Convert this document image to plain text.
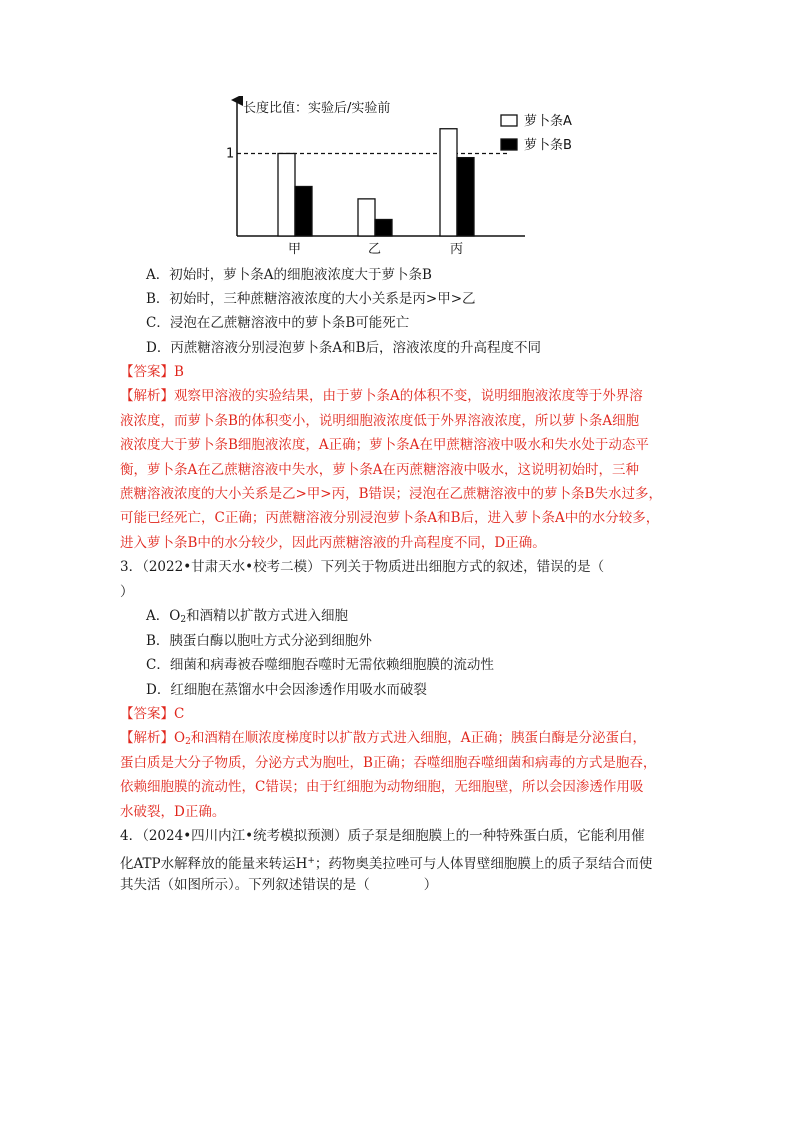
长度比值：实验后/实验前
1
甲	乙	丙
萝卜条A
萝卜条B
A．初始时，萝卜条A的细胞液浓度大于萝卜条B
B．初始时，三种蔗糖溶液浓度的大小关系是丙>甲>乙
C．浸泡在乙蔗糖溶液中的萝卜条B可能死亡
D．丙蔗糖溶液分别浸泡萝卜条A和B后，溶液浓度的升高程度不同
【答案】B
【解析】观察甲溶液的实验结果，由于萝卜条A的体积不变，说明细胞液浓度等于外界溶
液浓度，而萝卜条B的体积变小，说明细胞液浓度低于外界溶液浓度，所以萝卜条A细胞
液浓度大于萝卜条B细胞液浓度，A正确；萝卜条A在甲蔗糖溶液中吸水和失水处于动态平
衡，萝卜条A在乙蔗糖溶液中失水，萝卜条A在丙蔗糖溶液中吸水，这说明初始时，三种
蔗糖溶液浓度的大小关系是乙>甲>丙，B错误；浸泡在乙蔗糖溶液中的萝卜条B失水过多，
可能已经死亡，C正确；丙蔗糖溶液分别浸泡萝卜条A和B后，进入萝卜条A中的水分较多，
进入萝卜条B中的水分较少，因此丙蔗糖溶液的升高程度不同，D正确。
3．（2022•甘肃天水•校考二模）下列关于物质进出细胞方式的叙述，错误的是（
）
A．$O_2$和酒精以扩散方式进入细胞
B．胰蛋白酶以胞吐方式分泌到细胞外
C．细菌和病毒被吞噬细胞吞噬时无需依赖细胞膜的流动性
D．红细胞在蒸馏水中会因渗透作用吸水而破裂
【答案】C
【解析】$O_2$和酒精在顺浓度梯度时以扩散方式进入细胞，A正确；胰蛋白酶是分泌蛋白，
蛋白质是大分子物质，分泌方式为胞吐，B正确；吞噬细胞吞噬细菌和病毒的方式是胞吞，
依赖细胞膜的流动性，C错误；由于红细胞为动物细胞，无细胞壁，所以会因渗透作用吸
水破裂，D正确。
4．（2024•四川内江•统考模拟预测）质子泵是细胞膜上的一种特殊蛋白质，它能利用催
化ATP水解释放的能量来转运H+；药物奥美拉唑可与人体胃壁细胞膜上的质子泵结合而使
其失活（如图所示）。下列叙述错误的是（　　　　）
